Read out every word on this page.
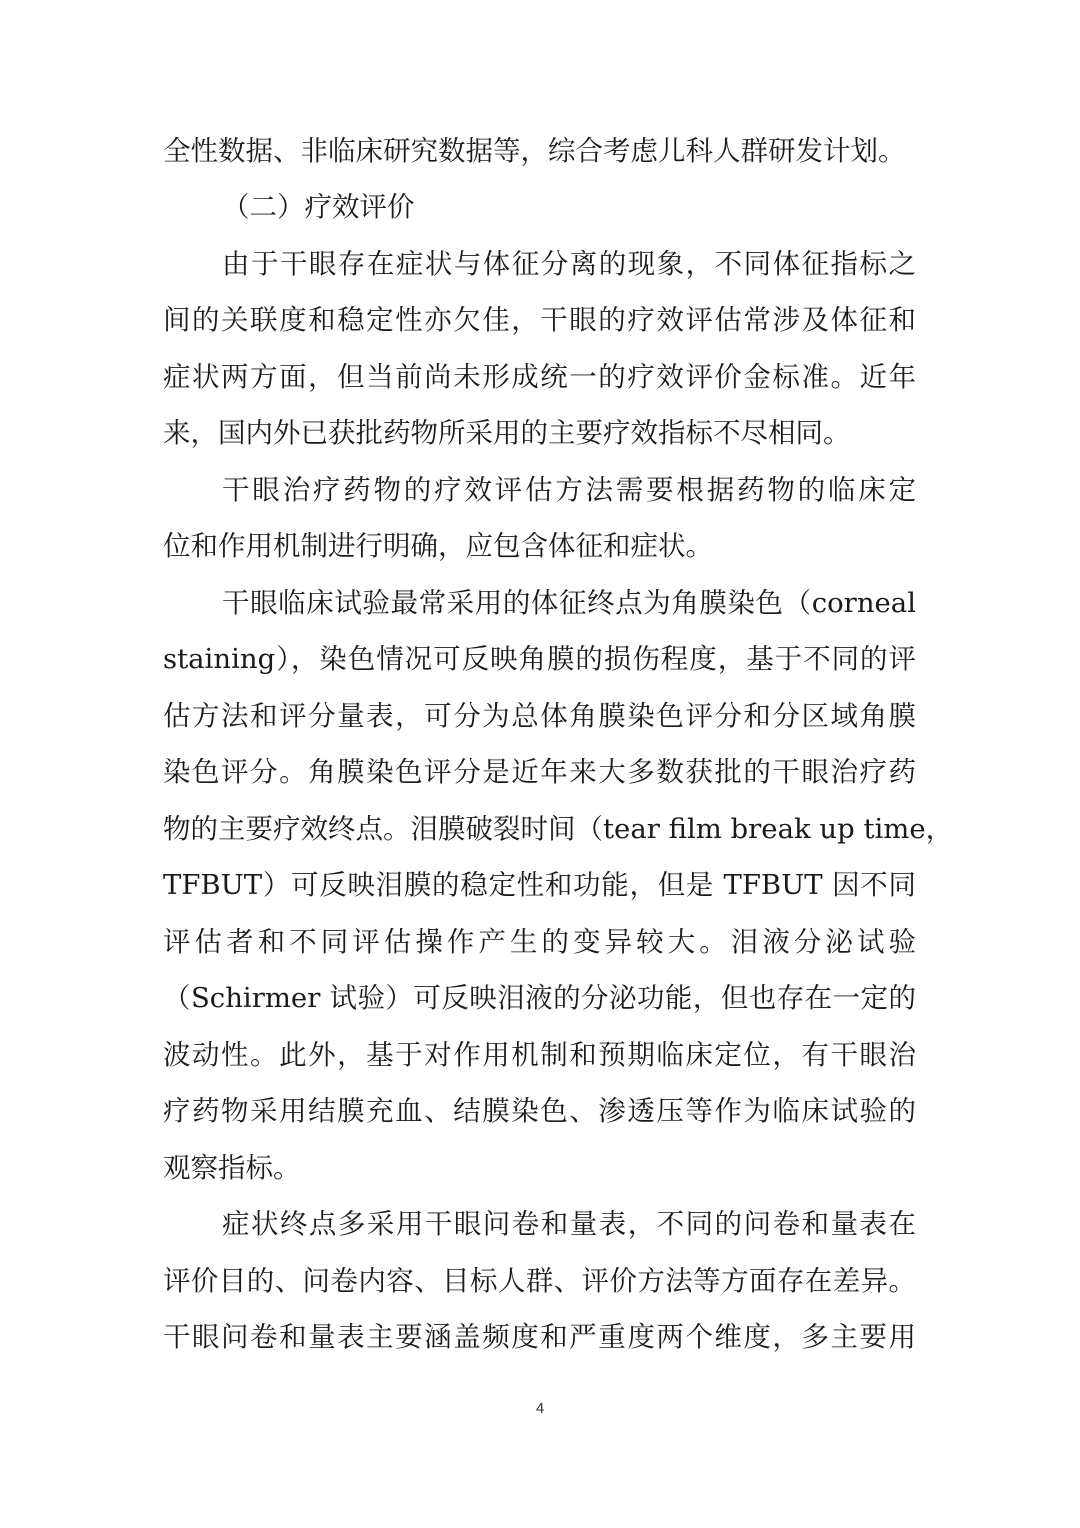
全性数据、非临床研究数据等，综合考虑儿科人群研发计划。
（二）疗效评价
由于干眼存在症状与体征分离的现象，不同体征指标之
间的关联度和稳定性亦欠佳，干眼的疗效评估常涉及体征和
症状两方面，但当前尚未形成统一的疗效评价金标准。近年
来，国内外已获批药物所采用的主要疗效指标不尽相同。
干眼治疗药物的疗效评估方法需要根据药物的临床定
位和作用机制进行明确，应包含体征和症状。
干眼临床试验最常采用的体征终点为角膜染色（corneal
staining），染色情况可反映角膜的损伤程度，基于不同的评
估方法和评分量表，可分为总体角膜染色评分和分区域角膜
染色评分。角膜染色评分是近年来大多数获批的干眼治疗药
物的主要疗效终点。泪膜破裂时间（tear film break up time，
TFBUT）可反映泪膜的稳定性和功能，但是 TFBUT 因不同
评估者和不同评估操作产生的变异较大。泪液分泌试验
（Schirmer 试验）可反映泪液的分泌功能，但也存在一定的
波动性。此外，基于对作用机制和预期临床定位，有干眼治
疗药物采用结膜充血、结膜染色、渗透压等作为临床试验的
观察指标。
症状终点多采用干眼问卷和量表，不同的问卷和量表在
评价目的、问卷内容、目标人群、评价方法等方面存在差异。
干眼问卷和量表主要涵盖频度和严重度两个维度，多主要用
4
